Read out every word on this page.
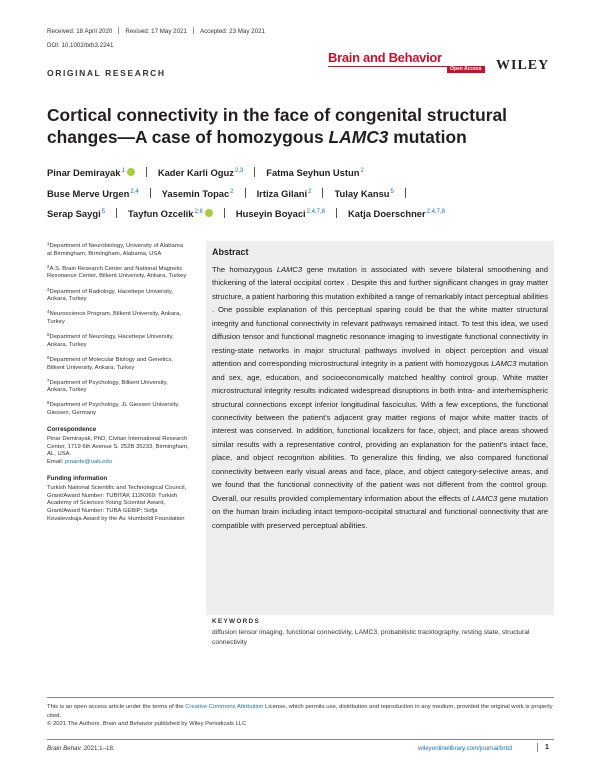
Received: 18 April 2020 Revised: 17 May 2021 Accepted: 23 May 2021
DOI: 10.1002/brb3.2241
Brain and Behavior
Open Access WILEY
ORIGINAL RESEARCH
Cortical connectivity in the face of congenital structural changes—A case of homozygous LAMC3 mutation
Pinar Demirayak$^1$	Kader Karli Oguz$^{2,3}$ Fatma Seyhun Ustun$^2$
Buse Merve Urgen$^{2,4}$ Yasemin Topac$^2$ Irtiza Gilani$^2$ Tulay Kansu$^5$
Serap Saygi$^5$ Tayfun Ozcelik$^{2,6}$	Huseyin Boyaci$^{2,4,7,8}$ Katja Doerschner$^{2,4,7,8}$
$^1$Department of Neurobiology, University of Alabama at Birmingham, Birmingham, Alabama, USA
$^2$A.S. Brain Research Center and National Magnetic Resonance Center, Bilkent University, Ankara, Turkey
$^3$Department of Radiology, Hacettepe University, Ankara, Turkey
$^4$Neuroscience Program, Bilkent University, Ankara, Turkey
$^5$Department of Neurology, Hacettepe University, Ankara, Turkey
$^6$Department of Molecular Biology and Genetics, Bilkent University, Ankara, Turkey
$^7$Department of Psychology, Bilkent University, Ankara, Turkey
$^8$Department of Psychology, JL Giessen University, Giessen, Germany
Correspondence
Pinar Demirayak, PhD, Civitan International Research Center, 1719 6th Avenue S. 252B 35233, Birmingham, AL, USA.
Email: pinarde@uab.edu
Funding information
Turkish National Scientific and Technological Council, Grant/Award Number: TUBITAK 112K069; Turkish Academy of Sciences Young Scientist Award, Grant/Award Number: TUBA GEBIP; Sofja Kovalevskaja Award by the Av. Humboldt Foundation
Abstract
The homozygous LAMC3 gene mutation is associated with severe bilateral smoothening and thickening of the lateral occipital cortex . Despite this and further significant changes in gray matter structure, a patient harboring this mutation exhibited a range of remarkably intact perceptual abilities . One possible explanation of this perceptual sparing could be that the white matter structural integrity and functional connectivity in relevant pathways remained intact. To test this idea, we used diffusion tensor and functional magnetic resonance imaging to investigate functional connectivity in resting-state networks in major structural pathways involved in object perception and visual attention and corresponding microstructural integrity in a patient with homozygous LAMC3 mutation and sex, age, education, and socioeconomically matched healthy control group. White matter microstructural integrity results indicated widespread disruptions in both intra- and interhemispheric structural connections except inferior longitudinal fasciculus. With a few exceptions, the functional connectivity between the patient's adjacent gray matter regions of major white matter tracts of interest was conserved. In addition, functional localizers for face, object, and place areas showed similar results with a representative control, providing an explanation for the patient's intact face, place, and object recognition abilities. To generalize this finding, we also compared functional connectivity between early visual areas and face, place, and object category-selective areas, and we found that the functional connectivity of the patient was not different from the control group. Overall, our results provided complementary information about the effects of LAMC3 gene mutation on the human brain including intact temporo-occipital structural and functional connectivity that are compatible with preserved perceptual abilities.
KEYWORDS
diffusion tensor imaging, functional connectivity, LAMC3, probabilistic tracktography, resting state, structural connectivity
This is an open access article under the terms of the Creative Commons Attribution License, which permits use, distribution and reproduction in any medium, provided the original work is properly cited.
© 2021 The Authors. Brain and Behavior published by Wiley Periodicals LLC
Brain Behav. 2021;1–18.	wileyonlinelibrary.com/journal/brb3	1
